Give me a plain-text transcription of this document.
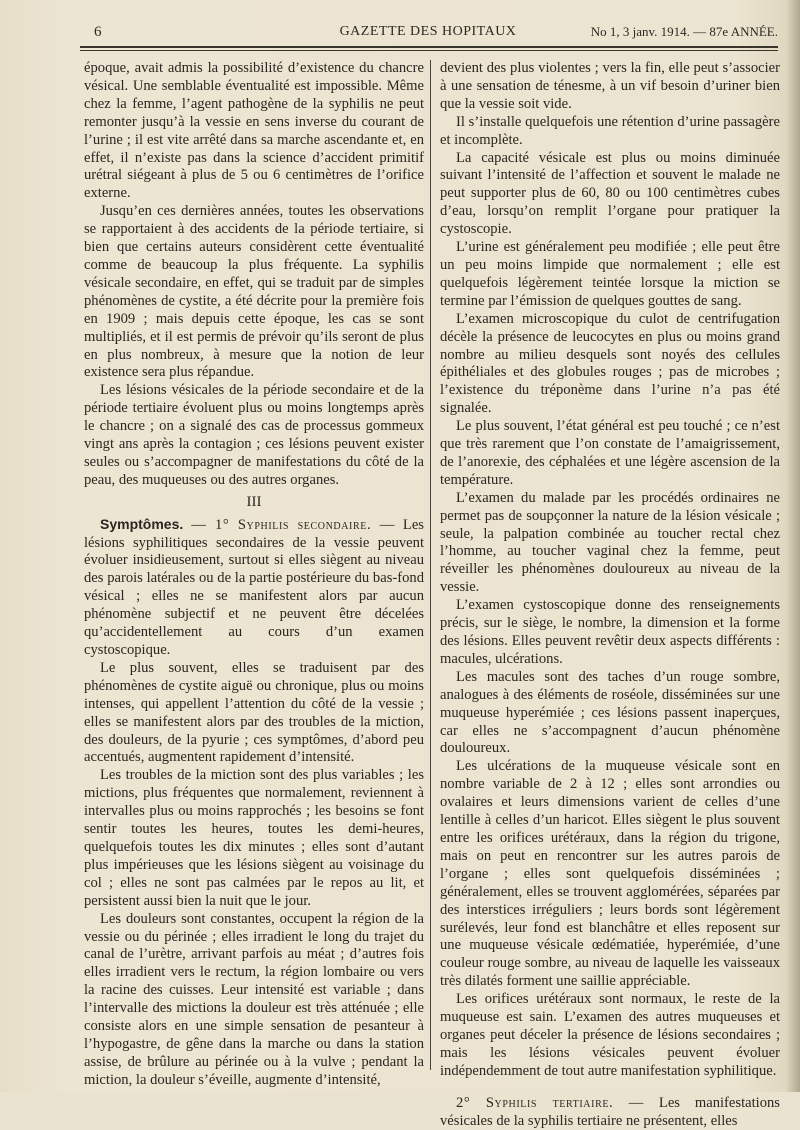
6	GAZETTE DES HOPITAUX	No 1, 3 janv. 1914. — 87e ANNÉE.

époque, avait admis la possibilité d’existence du chancre vésical. Une semblable éventualité est impossible. Même chez la femme, l’agent pathogène de la syphilis ne peut remonter jusqu’à la vessie en sens inverse du courant de l’urine ; il est vite arrêté dans sa marche ascendante et, en effet, il n’existe pas dans la science d’accident primitif urétral siégeant à plus de 5 ou 6 centimètres de l’orifice externe.

Jusqu’en ces dernières années, toutes les observations se rapportaient à des accidents de la période tertiaire, si bien que certains auteurs considèrent cette éventualité comme de beaucoup la plus fréquente. La syphilis vésicale secondaire, en effet, qui se traduit par de simples phénomènes de cystite, a été décrite pour la première fois en 1909 ; mais depuis cette époque, les cas se sont multipliés, et il est permis de prévoir qu’ils seront de plus en plus nombreux, à mesure que la notion de leur existence sera plus répandue.

Les lésions vésicales de la période secondaire et de la période tertiaire évoluent plus ou moins longtemps après le chancre ; on a signalé des cas de processus gommeux vingt ans après la contagion ; ces lésions peuvent exister seules ou s’accompagner de manifestations du côté de la peau, des muqueuses ou des autres organes.

III

Symptômes. — 1° Syphilis secondaire. — Les lésions syphilitiques secondaires de la vessie peuvent évoluer insidieusement, surtout si elles siègent au niveau des parois latérales ou de la partie postérieure du bas-fond vésical ; elles ne se manifestent alors par aucun phénomène subjectif et ne peuvent être décelées qu’accidentellement au cours d’un examen cystoscopique.

Le plus souvent, elles se traduisent par des phénomènes de cystite aiguë ou chronique, plus ou moins intenses, qui appellent l’attention du côté de la vessie ; elles se manifestent alors par des troubles de la miction, des douleurs, de la pyurie ; ces symptômes, d’abord peu accentués, augmentent rapidement d’intensité.

Les troubles de la miction sont des plus variables ; les mictions, plus fréquentes que normalement, reviennent à intervalles plus ou moins rapprochés ; les besoins se font sentir toutes les heures, toutes les demi-heures, quelquefois toutes les dix minutes ; elles sont d’autant plus impérieuses que les lésions siègent au voisinage du col ; elles ne sont pas calmées par le repos au lit, et persistent aussi bien la nuit que le jour.

Les douleurs sont constantes, occupent la région de la vessie ou du périnée ; elles irradient le long du trajet du canal de l’urètre, arrivant parfois au méat ; d’autres fois elles irradient vers le rectum, la région lombaire ou vers la racine des cuisses. Leur intensité est variable ; dans l’intervalle des mictions la douleur est très atténuée ; elle consiste alors en une simple sensation de pesanteur à l’hypogastre, de gêne dans la marche ou dans la station assise, de brûlure au périnée ou à la vulve ; pendant la miction, la douleur s’éveille, augmente d’intensité,

devient des plus violentes ; vers la fin, elle peut s’associer à une sensation de ténesme, à un vif besoin d’uriner bien que la vessie soit vide.

Il s’installe quelquefois une rétention d’urine passagère et incomplète.

La capacité vésicale est plus ou moins diminuée suivant l’intensité de l’affection et souvent le malade ne peut supporter plus de 60, 80 ou 100 centimètres cubes d’eau, lorsqu’on remplit l’organe pour pratiquer la cystoscopie.

L’urine est généralement peu modifiée ; elle peut être un peu moins limpide que normalement ; elle est quelquefois légèrement teintée lorsque la miction se termine par l’émission de quelques gouttes de sang.

L’examen microscopique du culot de centrifugation décèle la présence de leucocytes en plus ou moins grand nombre au milieu desquels sont noyés des cellules épithéliales et des globules rouges ; pas de microbes ; l’existence du tréponème dans l’urine n’a pas été signalée.

Le plus souvent, l’état général est peu touché ; ce n’est que très rarement que l’on constate de l’amaigrissement, de l’anorexie, des céphalées et une légère ascension de la température.

L’examen du malade par les procédés ordinaires ne permet pas de soupçonner la nature de la lésion vésicale ; seule, la palpation combinée au toucher rectal chez l’homme, au toucher vaginal chez la femme, peut réveiller les phénomènes douloureux au niveau de la vessie.

L’examen cystoscopique donne des renseignements précis, sur le siège, le nombre, la dimension et la forme des lésions. Elles peuvent revêtir deux aspects différents : macules, ulcérations.

Les macules sont des taches d’un rouge sombre, analogues à des éléments de roséole, disséminées sur une muqueuse hyperémiée ; ces lésions passent inaperçues, car elles ne s’accompagnent d’aucun phénomène douloureux.

Les ulcérations de la muqueuse vésicale sont en nombre variable de 2 à 12 ; elles sont arrondies ou ovalaires et leurs dimensions varient de celles d’une lentille à celles d’un haricot. Elles siègent le plus souvent entre les orifices urétéraux, dans la région du trigone, mais on peut en rencontrer sur les autres parois de l’organe ; elles sont quelquefois disséminées ; généralement, elles se trouvent agglomérées, séparées par des interstices irréguliers ; leurs bords sont légèrement surélevés, leur fond est blanchâtre et elles reposent sur une muqueuse vésicale œdématiée, hyperémiée, d’une couleur rouge sombre, au niveau de laquelle les vaisseaux très dilatés forment une saillie appréciable.

Les orifices urétéraux sont normaux, le reste de la muqueuse est sain. L’examen des autres muqueuses et organes peut déceler la présence de lésions secondaires ; mais les lésions vésicales peuvent évoluer indépendemment de tout autre manifestation syphilitique.

2° Syphilis tertiaire. — Les manifestations vésicales de la syphilis tertiaire ne présentent, elles
